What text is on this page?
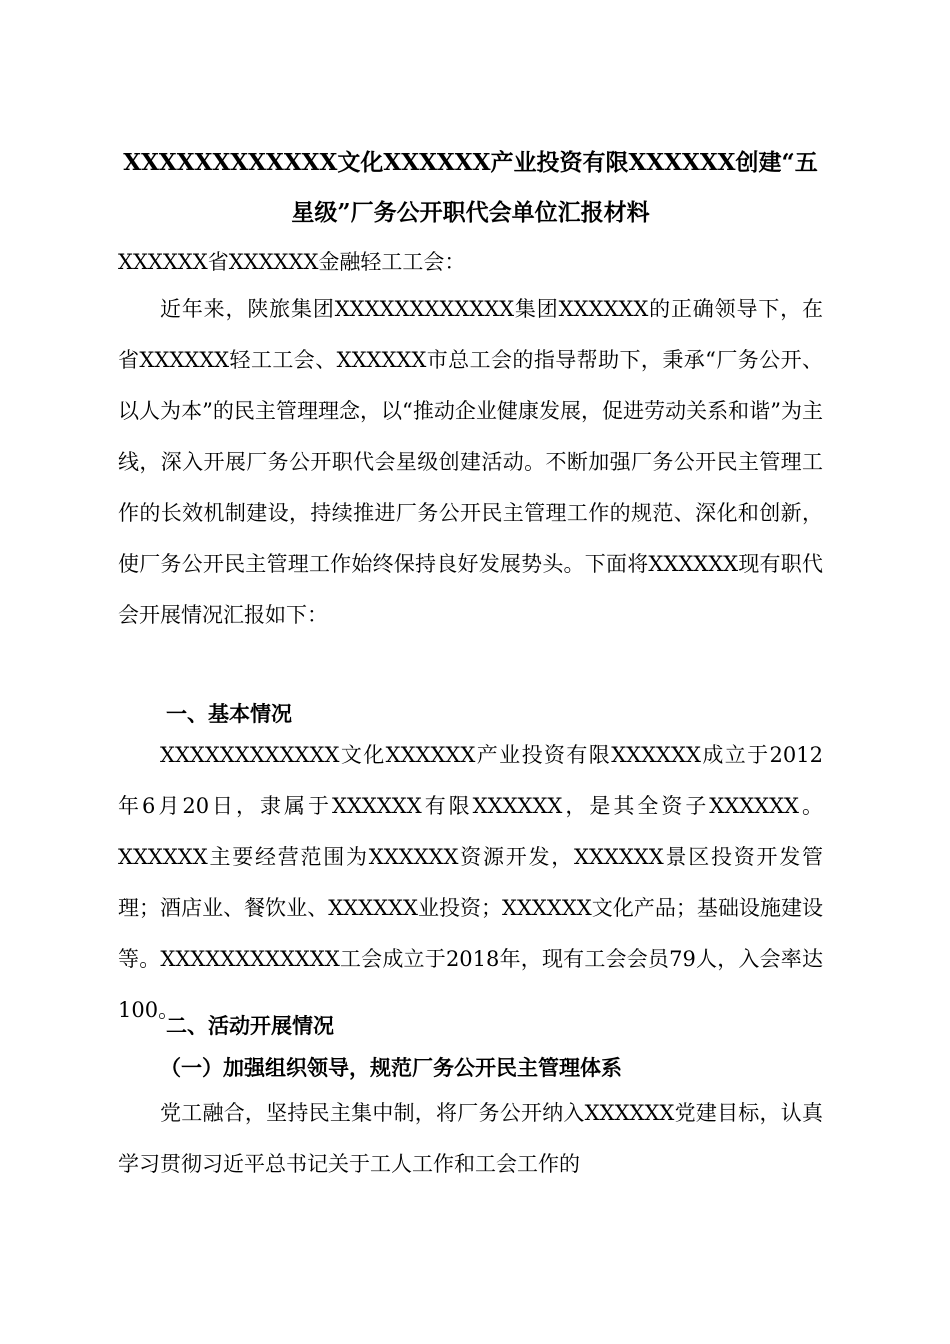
XXXXXXXXXXXX文化XXXXXX产业投资有限XXXXXX创建“五星级”厂务公开职代会单位汇报材料

XXXXXX省XXXXXX金融轻工工会：

近年来，陕旅集团XXXXXXXXXXXX集团XXXXXX的正确领导下，在省XXXXXX轻工工会、XXXXXX市总工会的指导帮助下，秉承“厂务公开、以人为本”的民主管理理念，以“推动企业健康发展，促进劳动关系和谐”为主线，深入开展厂务公开职代会星级创建活动。不断加强厂务公开民主管理工作的长效机制建设，持续推进厂务公开民主管理工作的规范、深化和创新，使厂务公开民主管理工作始终保持良好发展势头。下面将XXXXXX现有职代会开展情况汇报如下：

一、基本情况

XXXXXXXXXXXX文化XXXXXX产业投资有限XXXXXX成立于2012年6月20日，隶属于XXXXXX有限XXXXXX，是其全资子XXXXXX。XXXXXX主要经营范围为XXXXXX资源开发，XXXXXX景区投资开发管理；酒店业、餐饮业、XXXXXX业投资；XXXXXX文化产品；基础设施建设等。XXXXXXXXXXXX工会成立于2018年，现有工会会员79人，入会率达100。

二、活动开展情况
（一）加强组织领导，规范厂务公开民主管理体系

党工融合，坚持民主集中制，将厂务公开纳入XXXXXX党建目标，认真学习贯彻习近平总书记关于工人工作和工会工作的
